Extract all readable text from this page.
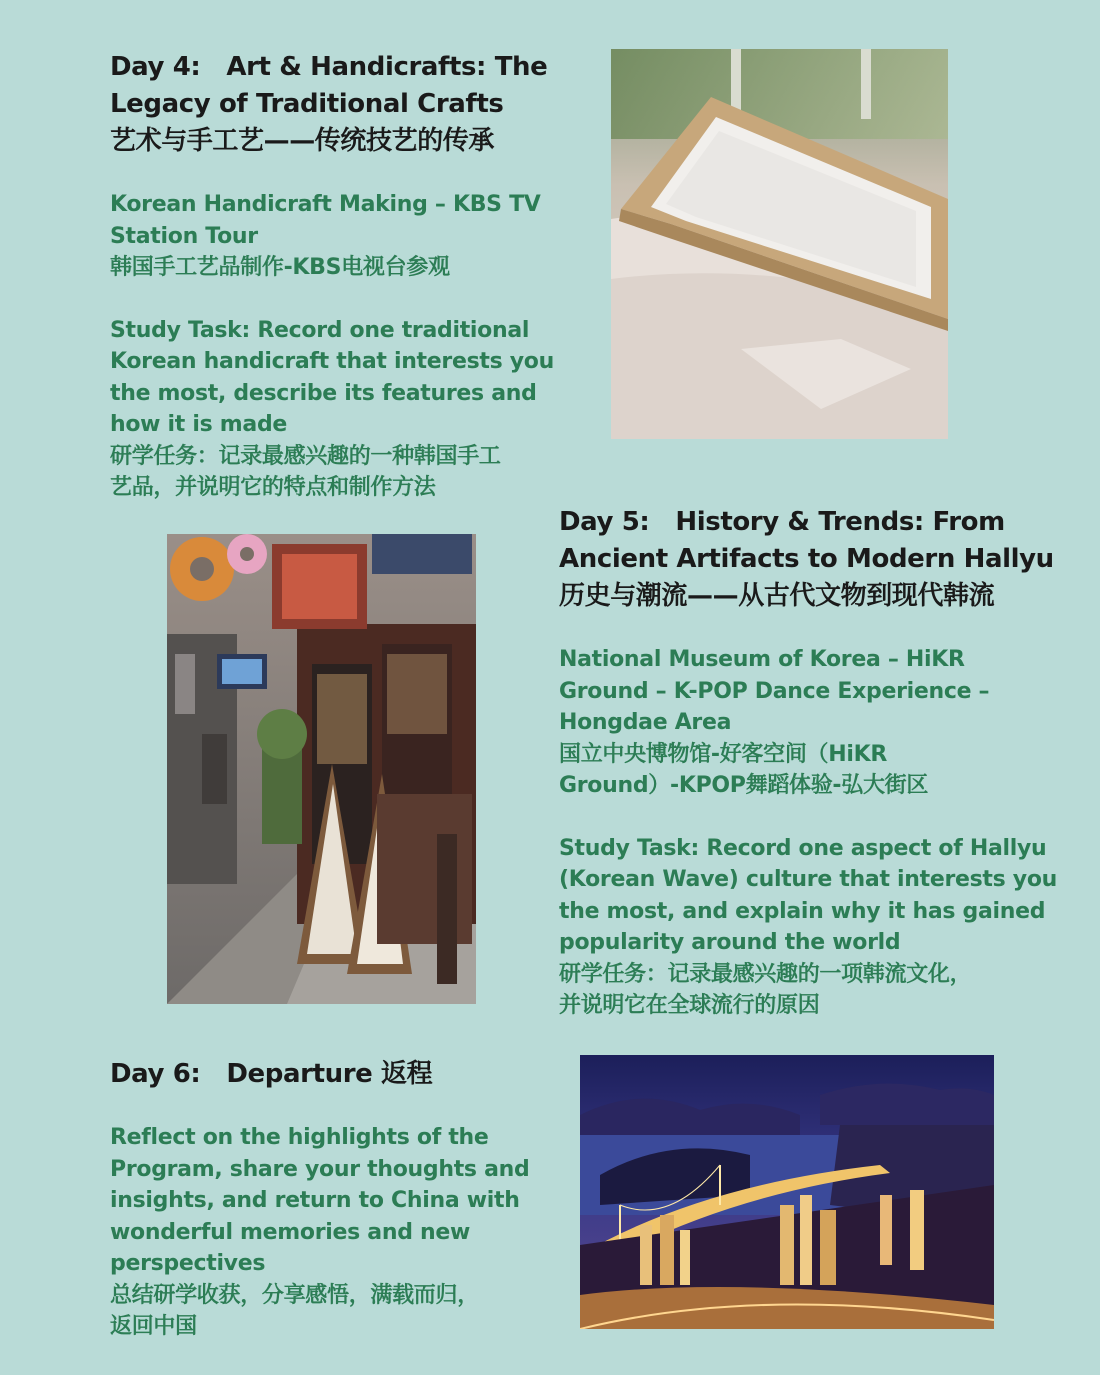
Day 4:   Art & Handicrafts: The
Legacy of Traditional Crafts
艺术与手工艺——传统技艺的传承
Korean Handicraft Making – KBS TV
Station Tour
韩国手工艺品制作-KBS电视台参观
Study Task: Record one traditional
Korean handicraft that interests you
the most, describe its features and
how it is made
研学任务：记录最感兴趣的一种韩国手工
艺品，并说明它的特点和制作方法
Day 5:   History & Trends: From
Ancient Artifacts to Modern Hallyu
历史与潮流——从古代文物到现代韩流
National Museum of Korea – HiKR
Ground – K-POP Dance Experience –
Hongdae Area
国立中央博物馆-好客空间（HiKR
Ground）-KPOP舞蹈体验-弘大街区
Study Task: Record one aspect of Hallyu
(Korean Wave) culture that interests you
the most, and explain why it has gained
popularity around the world
研学任务：记录最感兴趣的一项韩流文化，
并说明它在全球流行的原因
Day 6:   Departure 返程
Reflect on the highlights of the
Program, share your thoughts and
insights, and return to China with
wonderful memories and new
perspectives
总结研学收获，分享感悟，满载而归，
返回中国
